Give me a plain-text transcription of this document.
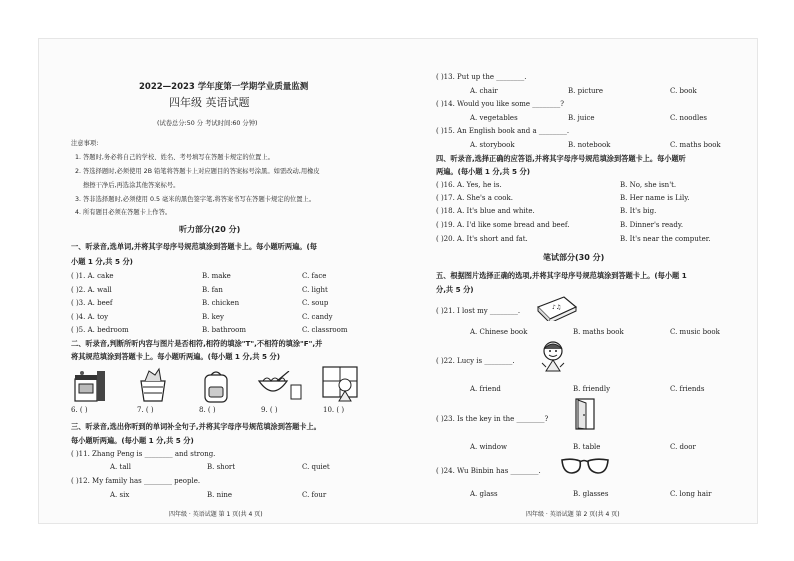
2022—2023 学年度第一学期学业质量监测
四年级 英语试题
(试卷总分:50 分 考试时间:60 分钟)
注意事项:
1. 答题时,务必将自己的学校、姓名、考号填写在答题卡规定的位置上。
2. 答选择题时,必须使用 2B 铅笔将答题卡上对应题目的答案标号涂黑。如需改动,用橡皮
擦擦干净后,再选涂其他答案标号。
3. 答非选择题时,必须使用 0.5 毫米的黑色签字笔,将答案书写在答题卡规定的位置上。
4. 所有题目必须在答题卡上作答。
听力部分(20 分)
一、听录音,选单词,并将其字母序号规范填涂到答题卡上。每小题听两遍。(每
小题 1 分,共 5 分)
( )1. A. cake	B. make	C. face
( )2. A. wall	B. fan	C. light
( )3. A. beef	B. chicken	C. soup
( )4. A. toy	B. key	C. candy
( )5. A. bedroom	B. bathroom	C. classroom
二、听录音,判断所听内容与图片是否相符,相符的填涂"T",不相符的填涂"F",并
将其规范填涂到答题卡上。每小题听两遍。(每小题 1 分,共 5 分)
6. ( )	7. ( )	8. ( )	9. ( )	10. ( )
三、听录音,选出你听到的单词补全句子,并将其字母序号规范填涂到答题卡上。
每小题听两遍。(每小题 1 分,共 5 分)
( )11. Zhang Peng is ________ and strong.
A. tall	B. short	C. quiet
( )12. My family has ________ people.
A. six	B. nine	C. four
四年级 · 英语试题 第 1 页(共 4 页)
( )13. Put up the ________.
A. chair	B. picture	C. book
( )14. Would you like some ________?
A. vegetables	B. juice	C. noodles
( )15. An English book and a ________.
A. storybook	B. notebook	C. maths book
四、听录音,选择正确的应答语,并将其字母序号规范填涂到答题卡上。每小题听
两遍。(每小题 1 分,共 5 分)
( )16. A. Yes, he is.	B. No, she isn't.
( )17. A. She's a cook.	B. Her name is Lily.
( )18. A. It's blue and white.	B. It's big.
( )19. A. I'd like some bread and beef.	B. Dinner's ready.
( )20. A. It's short and fat.	B. It's near the computer.
笔试部分(30 分)
五、根据图片选择正确的选项,并将其字母序号规范填涂到答题卡上。(每小题 1
分,共 5 分)
( )21. I lost my ________.	♪♫
A. Chinese book	B. maths book	C. music book
( )22. Lucy is ________.
A. friend	B. friendly	C. friends
( )23. Is the key in the ________?
A. window	B. table	C. door
( )24. Wu Binbin has ________.
A. glass	B. glasses	C. long hair
四年级 · 英语试题 第 2 页(共 4 页)
